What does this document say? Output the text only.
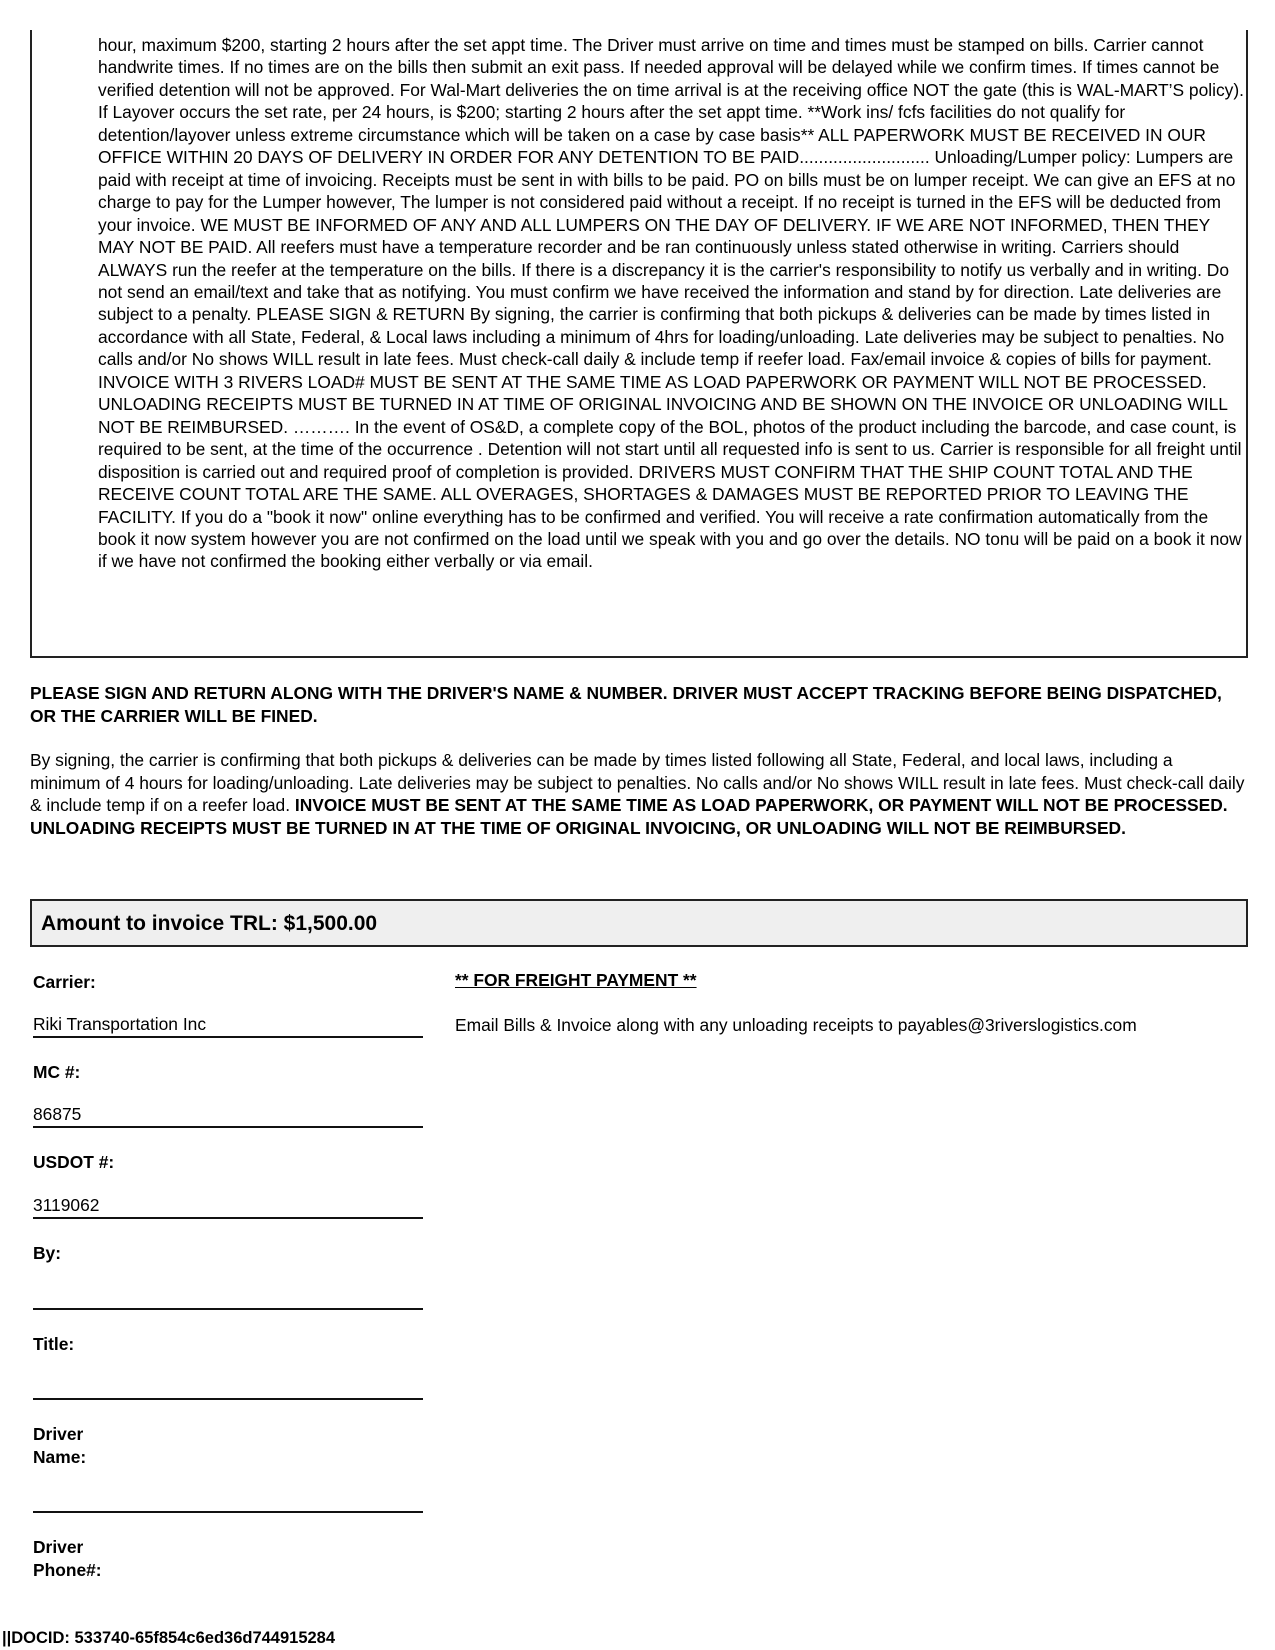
hour, maximum $200, starting 2 hours after the set appt time. The Driver must arrive on time and times must be stamped on bills. Carrier cannot handwrite times. If no times are on the bills then submit an exit pass. If needed approval will be delayed while we confirm times. If times cannot be verified detention will not be approved. For Wal-Mart deliveries the on time arrival is at the receiving office NOT the gate (this is WAL-MART’S policy). If Layover occurs the set rate, per 24 hours, is $200; starting 2 hours after the set appt time. **Work ins/ fcfs facilities do not qualify for detention/layover unless extreme circumstance which will be taken on a case by case basis** ALL PAPERWORK MUST BE RECEIVED IN OUR OFFICE WITHIN 20 DAYS OF DELIVERY IN ORDER FOR ANY DETENTION TO BE PAID........................... Unloading/Lumper policy: Lumpers are paid with receipt at time of invoicing. Receipts must be sent in with bills to be paid. PO on bills must be on lumper receipt. We can give an EFS at no charge to pay for the Lumper however, The lumper is not considered paid without a receipt. If no receipt is turned in the EFS will be deducted from your invoice. WE MUST BE INFORMED OF ANY AND ALL LUMPERS ON THE DAY OF DELIVERY. IF WE ARE NOT INFORMED, THEN THEY MAY NOT BE PAID. All reefers must have a temperature recorder and be ran continuously unless stated otherwise in writing. Carriers should ALWAYS run the reefer at the temperature on the bills. If there is a discrepancy it is the carrier's responsibility to notify us verbally and in writing. Do not send an email/text and take that as notifying. You must confirm we have received the information and stand by for direction. Late deliveries are subject to a penalty. PLEASE SIGN & RETURN By signing, the carrier is confirming that both pickups & deliveries can be made by times listed in accordance with all State, Federal, & Local laws including a minimum of 4hrs for loading/unloading. Late deliveries may be subject to penalties. No calls and/or No shows WILL result in late fees. Must check-call daily & include temp if reefer load. Fax/email invoice & copies of bills for payment. INVOICE WITH 3 RIVERS LOAD# MUST BE SENT AT THE SAME TIME AS LOAD PAPERWORK OR PAYMENT WILL NOT BE PROCESSED. UNLOADING RECEIPTS MUST BE TURNED IN AT TIME OF ORIGINAL INVOICING AND BE SHOWN ON THE INVOICE OR UNLOADING WILL NOT BE REIMBURSED. ………. In the event of OS&D, a complete copy of the BOL, photos of the product including the barcode, and case count, is required to be sent, at the time of the occurrence . Detention will not start until all requested info is sent to us. Carrier is responsible for all freight until disposition is carried out and required proof of completion is provided. DRIVERS MUST CONFIRM THAT THE SHIP COUNT TOTAL AND THE RECEIVE COUNT TOTAL ARE THE SAME. ALL OVERAGES, SHORTAGES & DAMAGES MUST BE REPORTED PRIOR TO LEAVING THE FACILITY. If you do a "book it now" online everything has to be confirmed and verified. You will receive a rate confirmation automatically from the book it now system however you are not confirmed on the load until we speak with you and go over the details. NO tonu will be paid on a book it now if we have not confirmed the booking either verbally or via email.

PLEASE SIGN AND RETURN ALONG WITH THE DRIVER'S NAME & NUMBER. DRIVER MUST ACCEPT TRACKING BEFORE BEING DISPATCHED, OR THE CARRIER WILL BE FINED.

By signing, the carrier is confirming that both pickups & deliveries can be made by times listed following all State, Federal, and local laws, including a minimum of 4 hours for loading/unloading. Late deliveries may be subject to penalties. No calls and/or No shows WILL result in late fees. Must check-call daily & include temp if on a reefer load. INVOICE MUST BE SENT AT THE SAME TIME AS LOAD PAPERWORK, OR PAYMENT WILL NOT BE PROCESSED. UNLOADING RECEIPTS MUST BE TURNED IN AT THE TIME OF ORIGINAL INVOICING, OR UNLOADING WILL NOT BE REIMBURSED.

Amount to invoice TRL: $1,500.00
Carrier:
Riki Transportation Inc
MC #:
86875
USDOT #:
3119062
By:
Title:
Driver
Name:
Driver
Phone#:
** FOR FREIGHT PAYMENT **
Email Bills & Invoice along with any unloading receipts to payables@3riverslogistics.com
||DOCID: 533740-65f854c6ed36d744915284
